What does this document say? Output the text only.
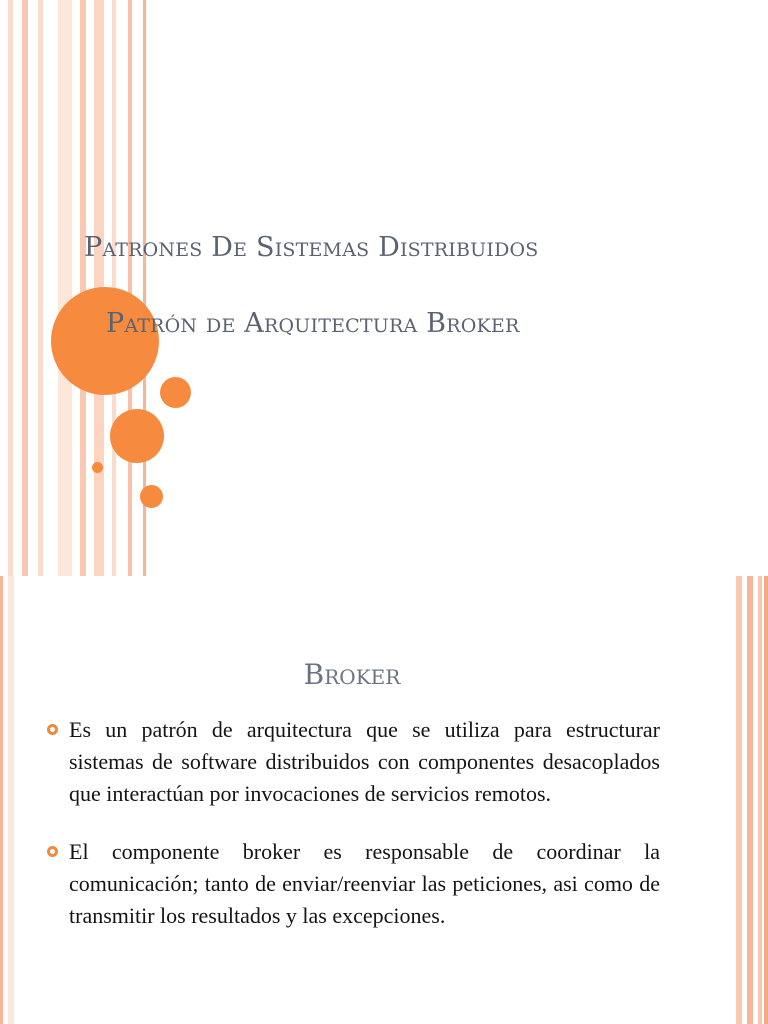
Patrones De Sistemas Distribuidos
Patrón de Arquitectura Broker
Broker
Es un patrón de arquitectura que se utiliza para estructurar sistemas de software distribuidos con componentes desacoplados que interactúan por invocaciones de servicios remotos.
El componente broker es responsable de coordinar la comunicación; tanto de enviar/reenviar las peticiones, asi como de transmitir los resultados y las excepciones.
